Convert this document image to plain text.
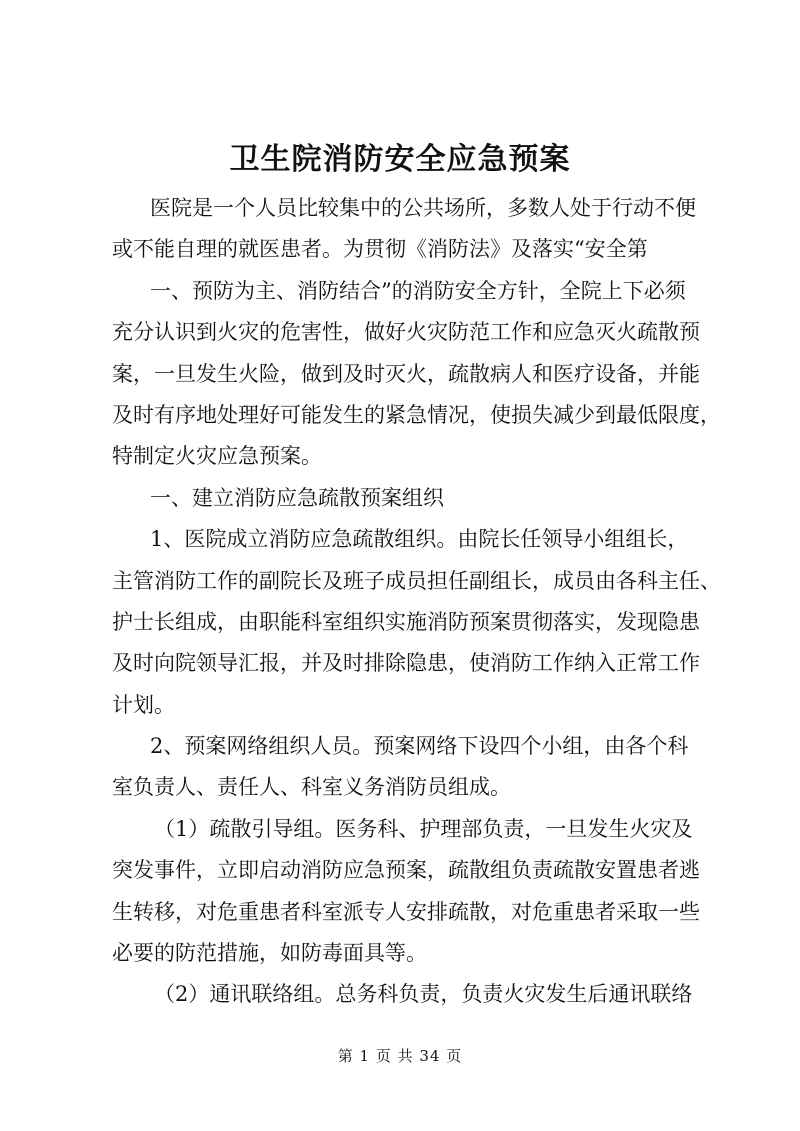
卫生院消防安全应急预案
医院是一个人员比较集中的公共场所，多数人处于行动不便
或不能自理的就医患者。为贯彻《消防法》及落实“安全第
一、预防为主、消防结合”的消防安全方针，全院上下必须
充分认识到火灾的危害性，做好火灾防范工作和应急灭火疏散预
案，一旦发生火险，做到及时灭火，疏散病人和医疗设备，并能
及时有序地处理好可能发生的紧急情况，使损失减少到最低限度，
特制定火灾应急预案。
一、建立消防应急疏散预案组织
1、医院成立消防应急疏散组织。由院长任领导小组组长，
主管消防工作的副院长及班子成员担任副组长，成员由各科主任、
护士长组成，由职能科室组织实施消防预案贯彻落实，发现隐患
及时向院领导汇报，并及时排除隐患，使消防工作纳入正常工作
计划。
2、预案网络组织人员。预案网络下设四个小组，由各个科
室负责人、责任人、科室义务消防员组成。
（1）疏散引导组。医务科、护理部负责，一旦发生火灾及
突发事件，立即启动消防应急预案，疏散组负责疏散安置患者逃
生转移，对危重患者科室派专人安排疏散，对危重患者采取一些
必要的防范措施，如防毒面具等。
（2）通讯联络组。总务科负责，负责火灾发生后通讯联络
第 1 页 共 34 页
